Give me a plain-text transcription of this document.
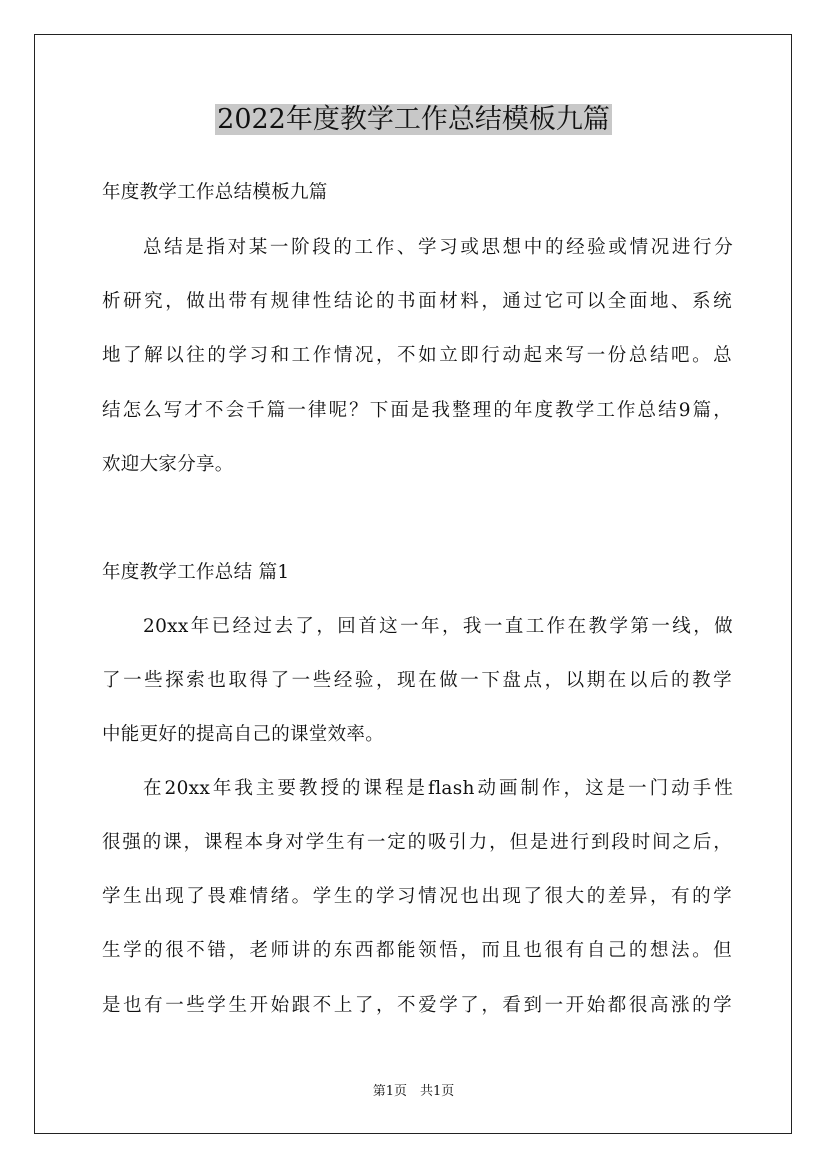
2022年度教学工作总结模板九篇
年度教学工作总结模板九篇
总结是指对某一阶段的工作、学习或思想中的经验或情况进行分
析研究，做出带有规律性结论的书面材料，通过它可以全面地、系统
地了解以往的学习和工作情况，不如立即行动起来写一份总结吧。总
结怎么写才不会千篇一律呢？下面是我整理的年度教学工作总结9篇，
欢迎大家分享。
年度教学工作总结 篇1
20xx年已经过去了，回首这一年，我一直工作在教学第一线，做
了一些探索也取得了一些经验，现在做一下盘点，以期在以后的教学
中能更好的提高自己的课堂效率。
在20xx年我主要教授的课程是flash动画制作，这是一门动手性
很强的课，课程本身对学生有一定的吸引力，但是进行到段时间之后，
学生出现了畏难情绪。学生的学习情况也出现了很大的差异，有的学
生学的很不错，老师讲的东西都能领悟，而且也很有自己的想法。但
是也有一些学生开始跟不上了，不爱学了，看到一开始都很高涨的学
第1页　共1页
